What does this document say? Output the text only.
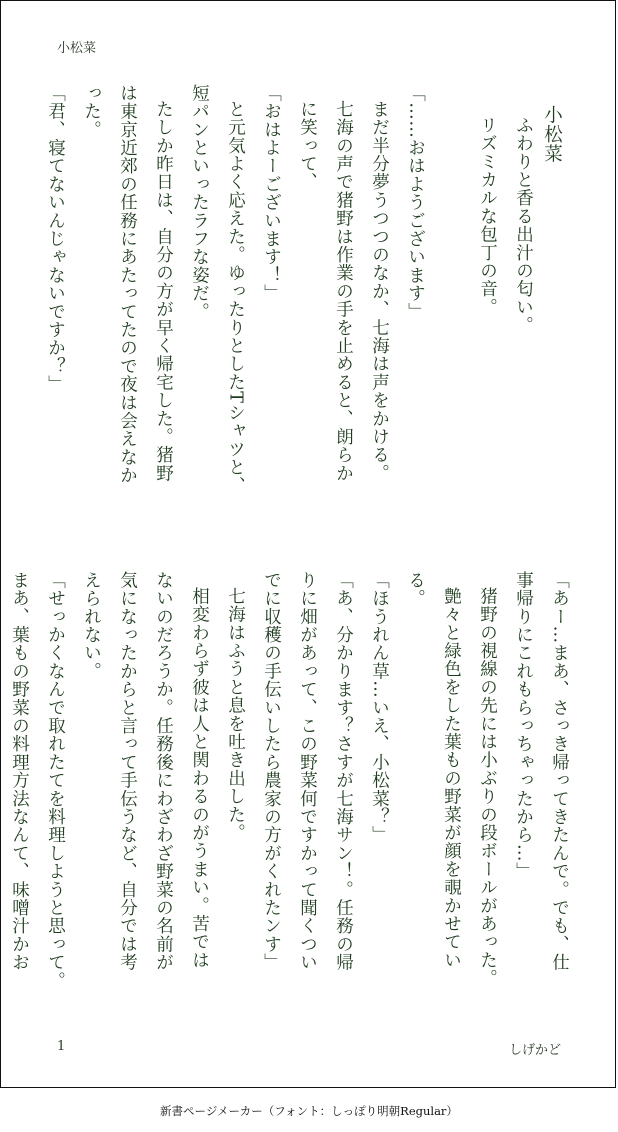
小松菜
小松菜
ふわりと香る出汁の匂い。
リズミカルな包丁の音。
「……おはようございます」
まだ半分夢うつつのなか、七海は声をかける。
七海の声で猪野は作業の手を止めると、朗らか
に笑って、
「おはよーございます！」
と元気よく応えた。ゆったりとしたTシャツと、
短パンといったラフな姿だ。
たしか昨日は、自分の方が早く帰宅した。猪野
は東京近郊の任務にあたってたので夜は会えなか
った。
「君、寝てないんじゃないですか？」
「あー…まあ、さっき帰ってきたんで。でも、仕
事帰りにこれもらっちゃったから…」
猪野の視線の先には小ぶりの段ボールがあった。
艶々と緑色をした葉もの野菜が顔を覗かせてい
る。
「ほうれん草…いえ、小松菜？」
「あ、分かります？さすが七海サン！。任務の帰
りに畑があって、この野菜何ですかって聞くつい
でに収穫の手伝いしたら農家の方がくれたンす」
七海はふうと息を吐き出した。
相変わらず彼は人と関わるのがうまい。苦では
ないのだろうか。任務後にわざわざ野菜の名前が
気になったからと言って手伝うなど、自分では考
えられない。
「せっかくなんで取れたてを料理しようと思って。
まあ、葉もの野菜の料理方法なんて、味噌汁かお
1	しげかど
新書ページメーカー（フォント：しっぽり明朝Regular）
